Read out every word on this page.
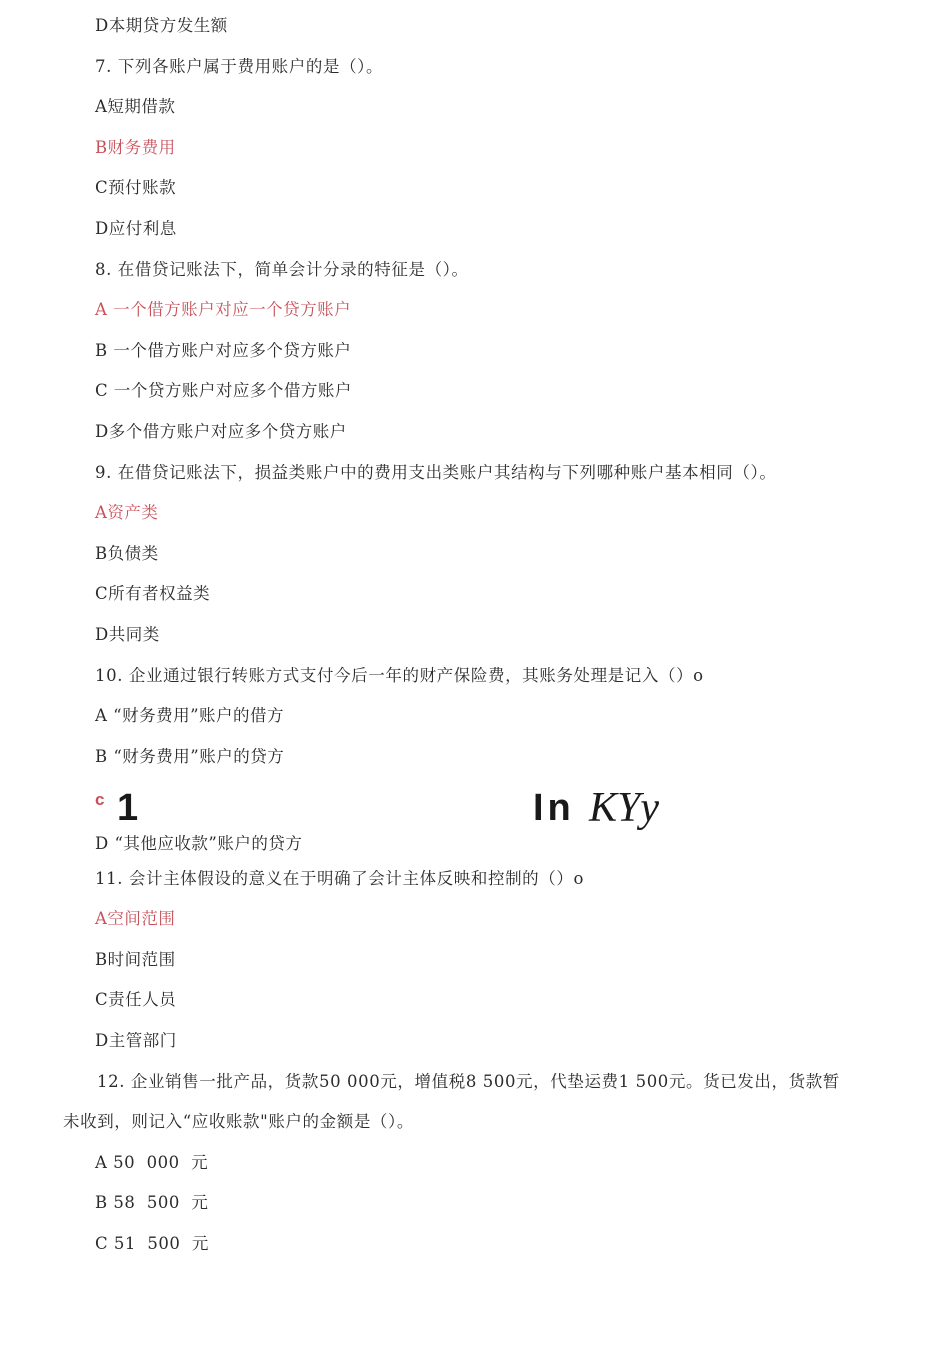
D本期贷方发生额
7. 下列各账户属于费用账户的是（）。
A短期借款
B财务费用
C预付账款
D应付利息
8. 在借贷记账法下，简单会计分录的特征是（）。
A 一个借方账户对应一个贷方账户
B 一个借方账户对应多个贷方账户
C 一个贷方账户对应多个借方账户
D多个借方账户对应多个贷方账户
9. 在借贷记账法下，损益类账户中的费用支出类账户其结构与下列哪种账户基本相同（）。
A资产类
B负债类
C所有者权益类
D共同类
10. 企业通过银行转账方式支付今后一年的财产保险费，其账务处理是记入（）o
A “财务费用”账户的借方
B “财务费用”账户的贷方
c 1	In KYy
D “其他应收款”账户的贷方
11. 会计主体假设的意义在于明确了会计主体反映和控制的（）o
A空间范围
B时间范围
C责任人员
D主管部门
12. 企业销售一批产品，货款50 000元，增值税8 500元，代垫运费1 500元。货已发出，货款暂
未收到，则记入“应收账款"账户的金额是（）。
A 50  000  元
B 58  500  元
C 51  500  元
